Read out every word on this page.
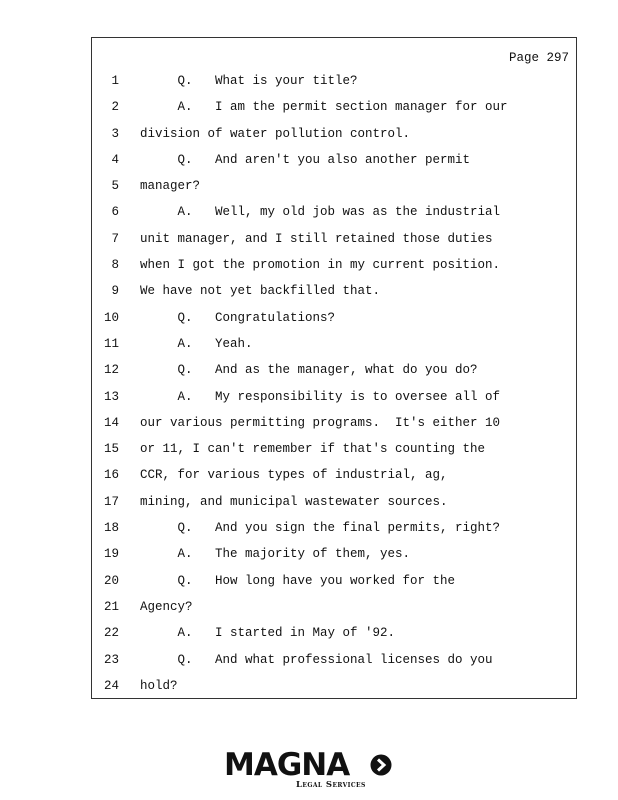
Page 297
1 Q.   What is your title?
2 A.   I am the permit section manager for our
3 division of water pollution control.
4 Q.   And aren't you also another permit
5 manager?
6 A.   Well, my old job was as the industrial
7 unit manager, and I still retained those duties
8 when I got the promotion in my current position.
9 We have not yet backfilled that.
10 Q.   Congratulations?
11 A.   Yeah.
12 Q.   And as the manager, what do you do?
13 A.   My responsibility is to oversee all of
14 our various permitting programs.  It's either 10
15 or 11, I can't remember if that's counting the
16 CCR, for various types of industrial, ag,
17 mining, and municipal wastewater sources.
18 Q.   And you sign the final permits, right?
19 A.   The majority of them, yes.
20 Q.   How long have you worked for the
21 Agency?
22 A.   I started in May of '92.
23 Q.   And what professional licenses do you
24 hold?
MAGNA
Legal Services
